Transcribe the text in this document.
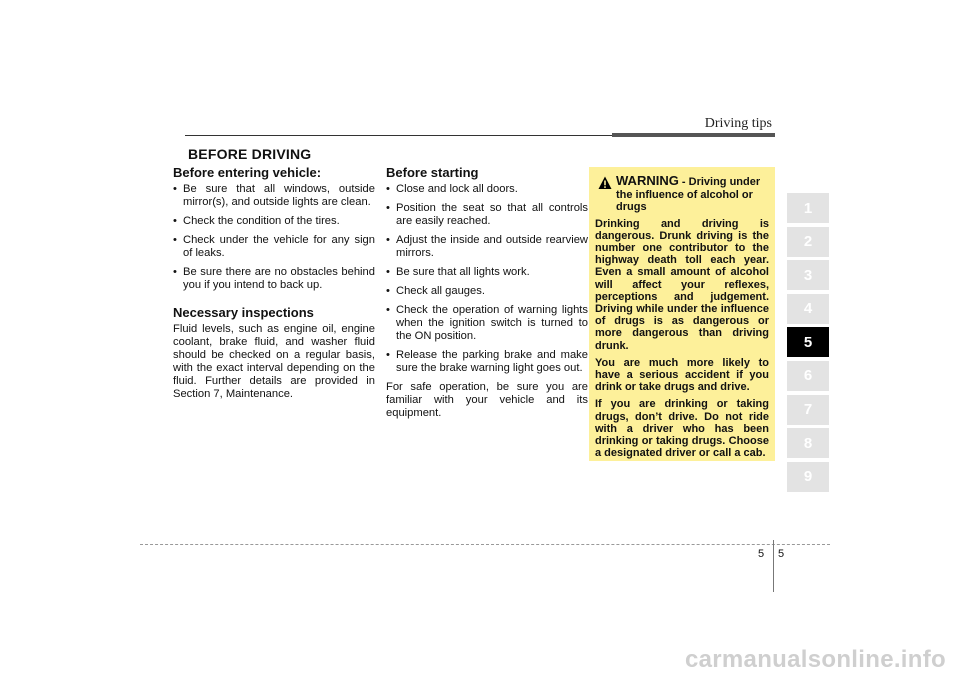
Driving tips
BEFORE DRIVING
Before entering vehicle:
• Be sure that all windows, outside mirror(s), and outside lights are clean.
• Check the condition of the tires.
• Check under the vehicle for any sign of leaks.
• Be sure there are no obstacles behind you if you intend to back up.
Necessary inspections

Fluid levels, such as engine oil, engine coolant, brake fluid, and washer fluid should be checked on a regular basis, with the exact interval depending on the fluid. Further details are provided in Section 7, Maintenance.

Before starting
• Close and lock all doors.
• Position the seat so that all controls are easily reached.
• Adjust the inside and outside rearview mirrors.
• Be sure that all lights work.
• Check all gauges.
• Check the operation of warning lights when the ignition switch is turned to the ON position.
• Release the parking brake and make sure the brake warning light goes out.

For safe operation, be sure you are familiar with your vehicle and its equipment.

WARNING - Driving under the influence of alcohol or drugs

Drinking and driving is dangerous. Drunk driving is the number one contributor to the highway death toll each year. Even a small amount of alcohol will affect your reflexes, perceptions and judgement. Driving while under the influence of drugs is as dangerous or more dangerous than driving drunk.

You are much more likely to have a serious accident if you drink or take drugs and drive.

If you are drinking or taking drugs, don’t drive. Do not ride with a driver who has been drinking or taking drugs. Choose a designated driver or call a cab.

1
2
3
4
5
6
7
8
9
5 5
carmanualsonline.info
